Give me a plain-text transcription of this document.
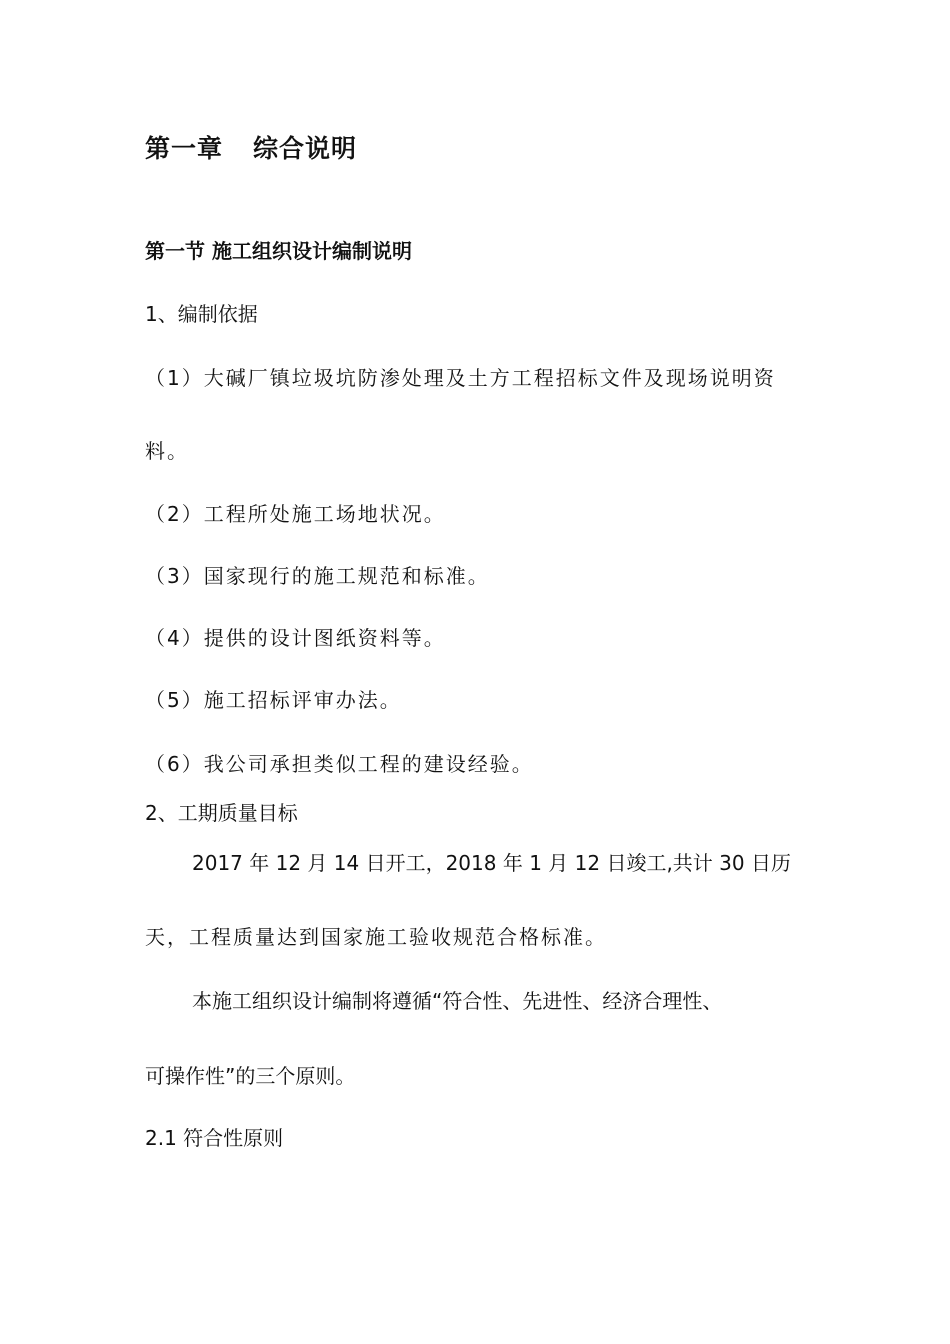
第一章 综合说明
第一节 施工组织设计编制说明
1、编制依据
（1）大碱厂镇垃圾坑防渗处理及土方工程招标文件及现场说明资
料。
（2）工程所处施工场地状况。
（3）国家现行的施工规范和标准。
（4）提供的设计图纸资料等。
（5）施工招标评审办法。
（6）我公司承担类似工程的建设经验。
2、工期质量目标
2017 年 12 月 14 日开工，2018 年 1 月 12 日竣工,共计 30 日历
天，工程质量达到国家施工验收规范合格标准。
本施工组织设计编制将遵循“符合性、先进性、经济合理性、
可操作性”的三个原则。
2.1 符合性原则
